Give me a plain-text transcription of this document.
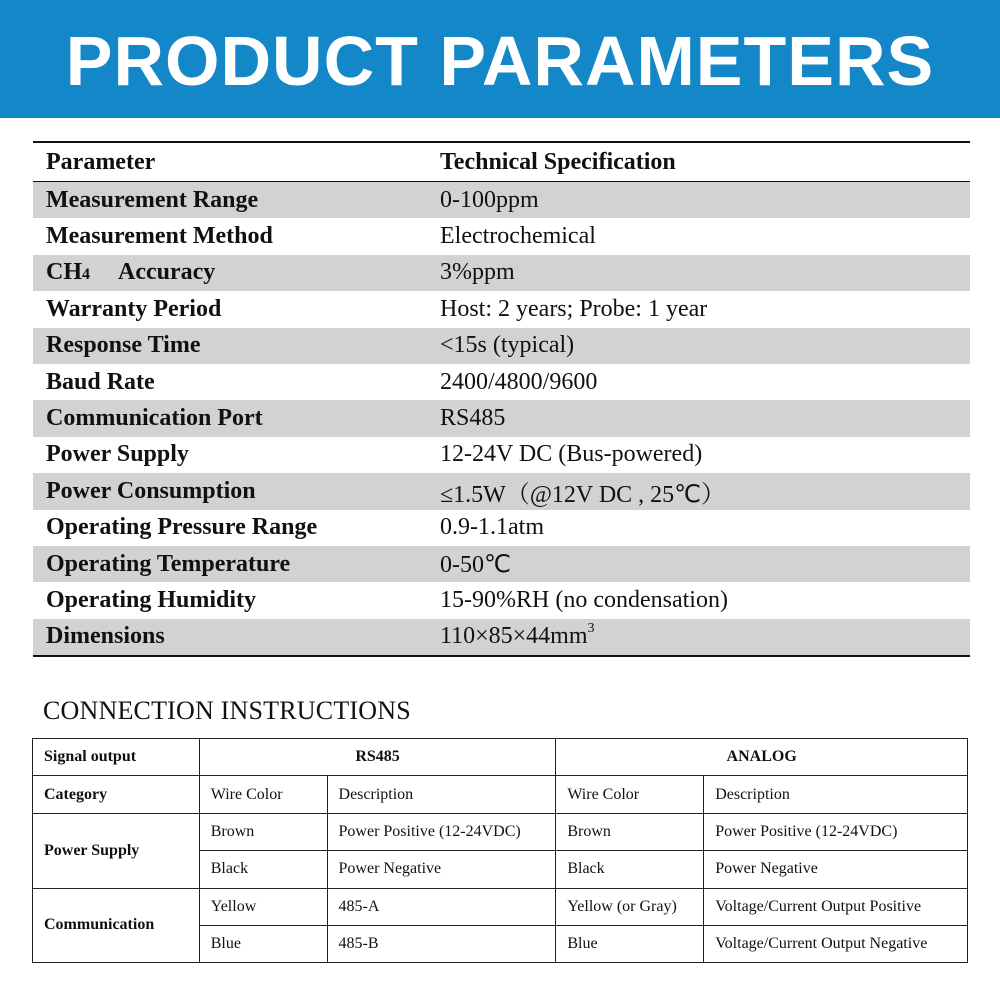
PRODUCT PARAMETERS
Parameter	Technical Specification
Measurement Range	0-100ppm
Measurement Method	Electrochemical
CH4 Accuracy	3%ppm
Warranty Period	Host: 2 years; Probe: 1 year
Response Time	<15s (typical)
Baud Rate	2400/4800/9600
Communication Port	RS485
Power Supply	12-24V DC (Bus-powered)
Power Consumption	≤1.5W（@12V DC , 25℃）
Operating Pressure Range	0.9-1.1atm
Operating Temperature	0-50℃
Operating Humidity	15-90%RH (no condensation)
Dimensions	$110\times 85\times 44mm^3$
CONNECTION INSTRUCTIONS
Signal output	RS485		ANALOG	
Category	Wire Color	Description	Wire Color	Description
Power Supply	Brown	Power Positive (12-24VDC)	Brown	Power Positive (12-24VDC)
	Black	Power Negative	Black	Power Negative
Communication	Yellow	485-A	Yellow (or Gray)	Voltage/Current Output Positive
	Blue	485-B	Blue	Voltage/Current Output Negative
